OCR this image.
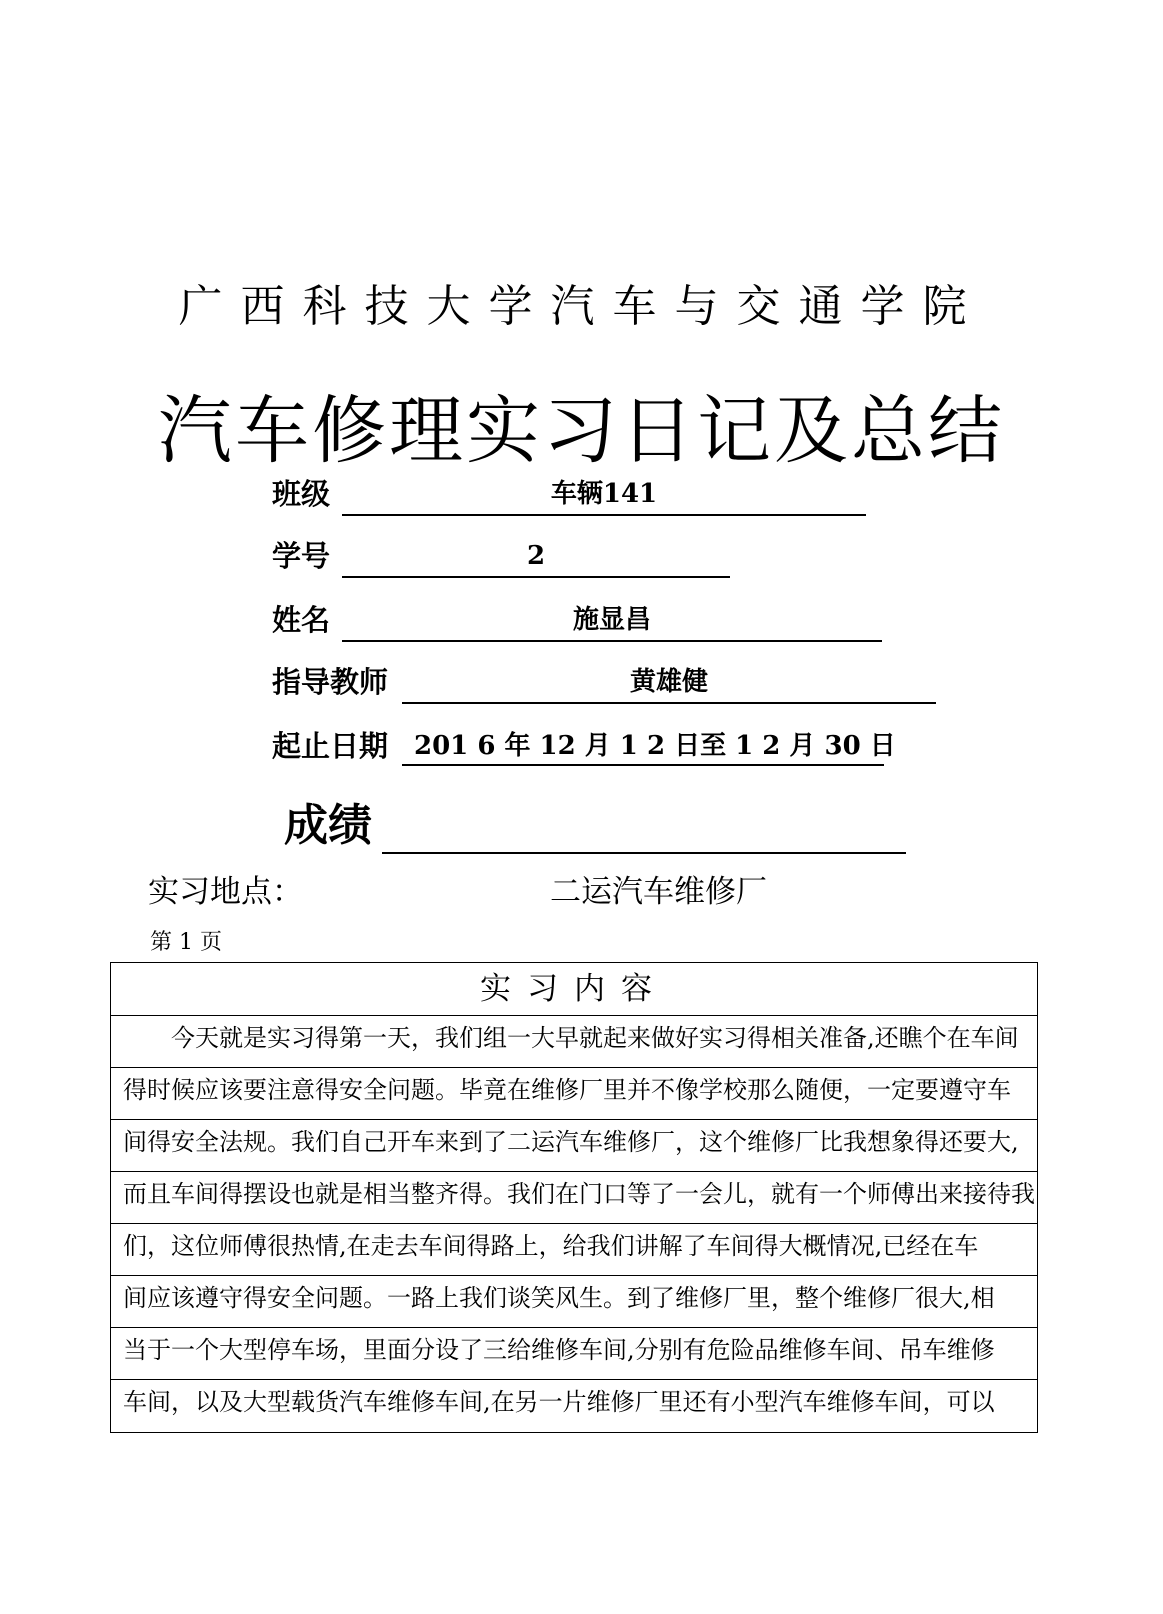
广西科技大学汽车与交通学院
汽车修理实习日记及总结
班级	车辆141
学号	2
姓名	施显昌
指导教师	黄雄健
起止日期 201 6 年 12 月 1 2 日至 1 2 月 30 日
成绩
实习地点：	二运汽车维修厂
第 1 页
实习内容
今天就是实习得第一天，我们组一大早就起来做好实习得相关准备,还瞧个在车间
得时候应该要注意得安全问题。毕竟在维修厂里并不像学校那么随便，一定要遵守车
间得安全法规。我们自己开车来到了二运汽车维修厂，这个维修厂比我想象得还要大,
而且车间得摆设也就是相当整齐得。我们在门口等了一会儿，就有一个师傅出来接待我
们，这位师傅很热情,在走去车间得路上，给我们讲解了车间得大概情况,已经在车
间应该遵守得安全问题。一路上我们谈笑风生。到了维修厂里，整个维修厂很大,相
当于一个大型停车场，里面分设了三给维修车间,分别有危险品维修车间、吊车维修
车间，以及大型载货汽车维修车间,在另一片维修厂里还有小型汽车维修车间，可以
